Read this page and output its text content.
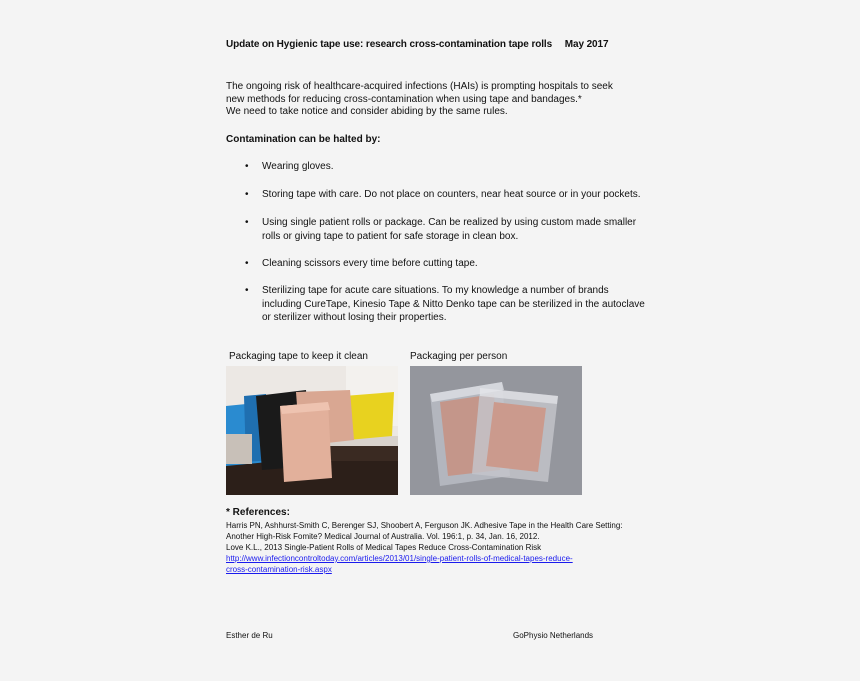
Update on Hygienic tape use: research cross-contamination tape rolls May 2017
The ongoing risk of healthcare-acquired infections (HAIs) is prompting hospitals to seek
new methods for reducing cross-contamination when using tape and bandages.*
We need to take notice and consider abiding by the same rules.
Contamination can be halted by:
• Wearing gloves.
• Storing tape with care. Do not place on counters, near heat source or in your pockets.
• Using single patient rolls or package. Can be realized by using custom made smaller rolls or giving tape to patient for safe storage in clean box.
• Cleaning scissors every time before cutting tape.
• Sterilizing tape for acute care situations. To my knowledge a number of brands including CureTape, Kinesio Tape & Nitto Denko tape can be sterilized in the autoclave or sterilizer without losing their properties.
Packaging tape to keep it clean	Packaging per person
* References:
Harris PN, Ashhurst-Smith C, Berenger SJ, Shoobert A, Ferguson JK. Adhesive Tape in the Health Care Setting:
Another High-Risk Fomite? Medical Journal of Australia. Vol. 196:1, p. 34, Jan. 16, 2012.
Love K.L., 2013 Single-Patient Rolls of Medical Tapes Reduce Cross-Contamination Risk
http://www.infectioncontroltoday.com/articles/2013/01/single-patient-rolls-of-medical-tapes-reduce-
cross-contamination-risk.aspx
Esther de Ru	GoPhysio Netherlands
